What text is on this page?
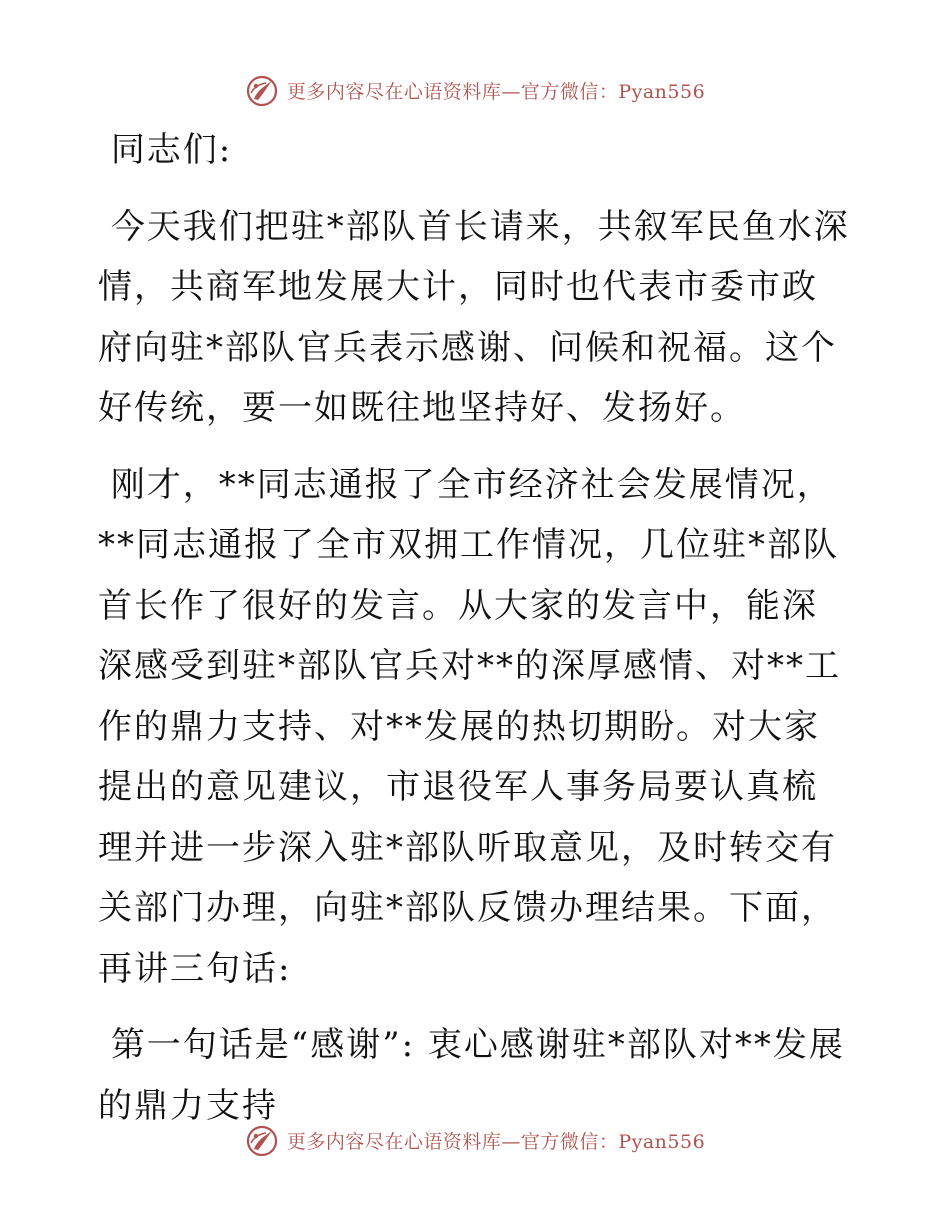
更多内容尽在心语资料库—官方微信：Pyan556

同志们:

今天我们把驻*部队首长请来，共叙军民鱼水深情，共商军地发展大计，同时也代表市委市政府向驻*部队官兵表示感谢、问候和祝福。这个好传统，要一如既往地坚持好、发扬好。

刚才，**同志通报了全市经济社会发展情况，**同志通报了全市双拥工作情况，几位驻*部队首长作了很好的发言。从大家的发言中，能深深感受到驻*部队官兵对**的深厚感情、对**工作的鼎力支持、对**发展的热切期盼。对大家提出的意见建议，市退役军人事务局要认真梳理并进一步深入驻*部队听取意见，及时转交有关部门办理，向驻*部队反馈办理结果。下面，再讲三句话:

第一句话是“感谢”: 衷心感谢驻*部队对**发展的鼎力支持

更多内容尽在心语资料库—官方微信：Pyan556
